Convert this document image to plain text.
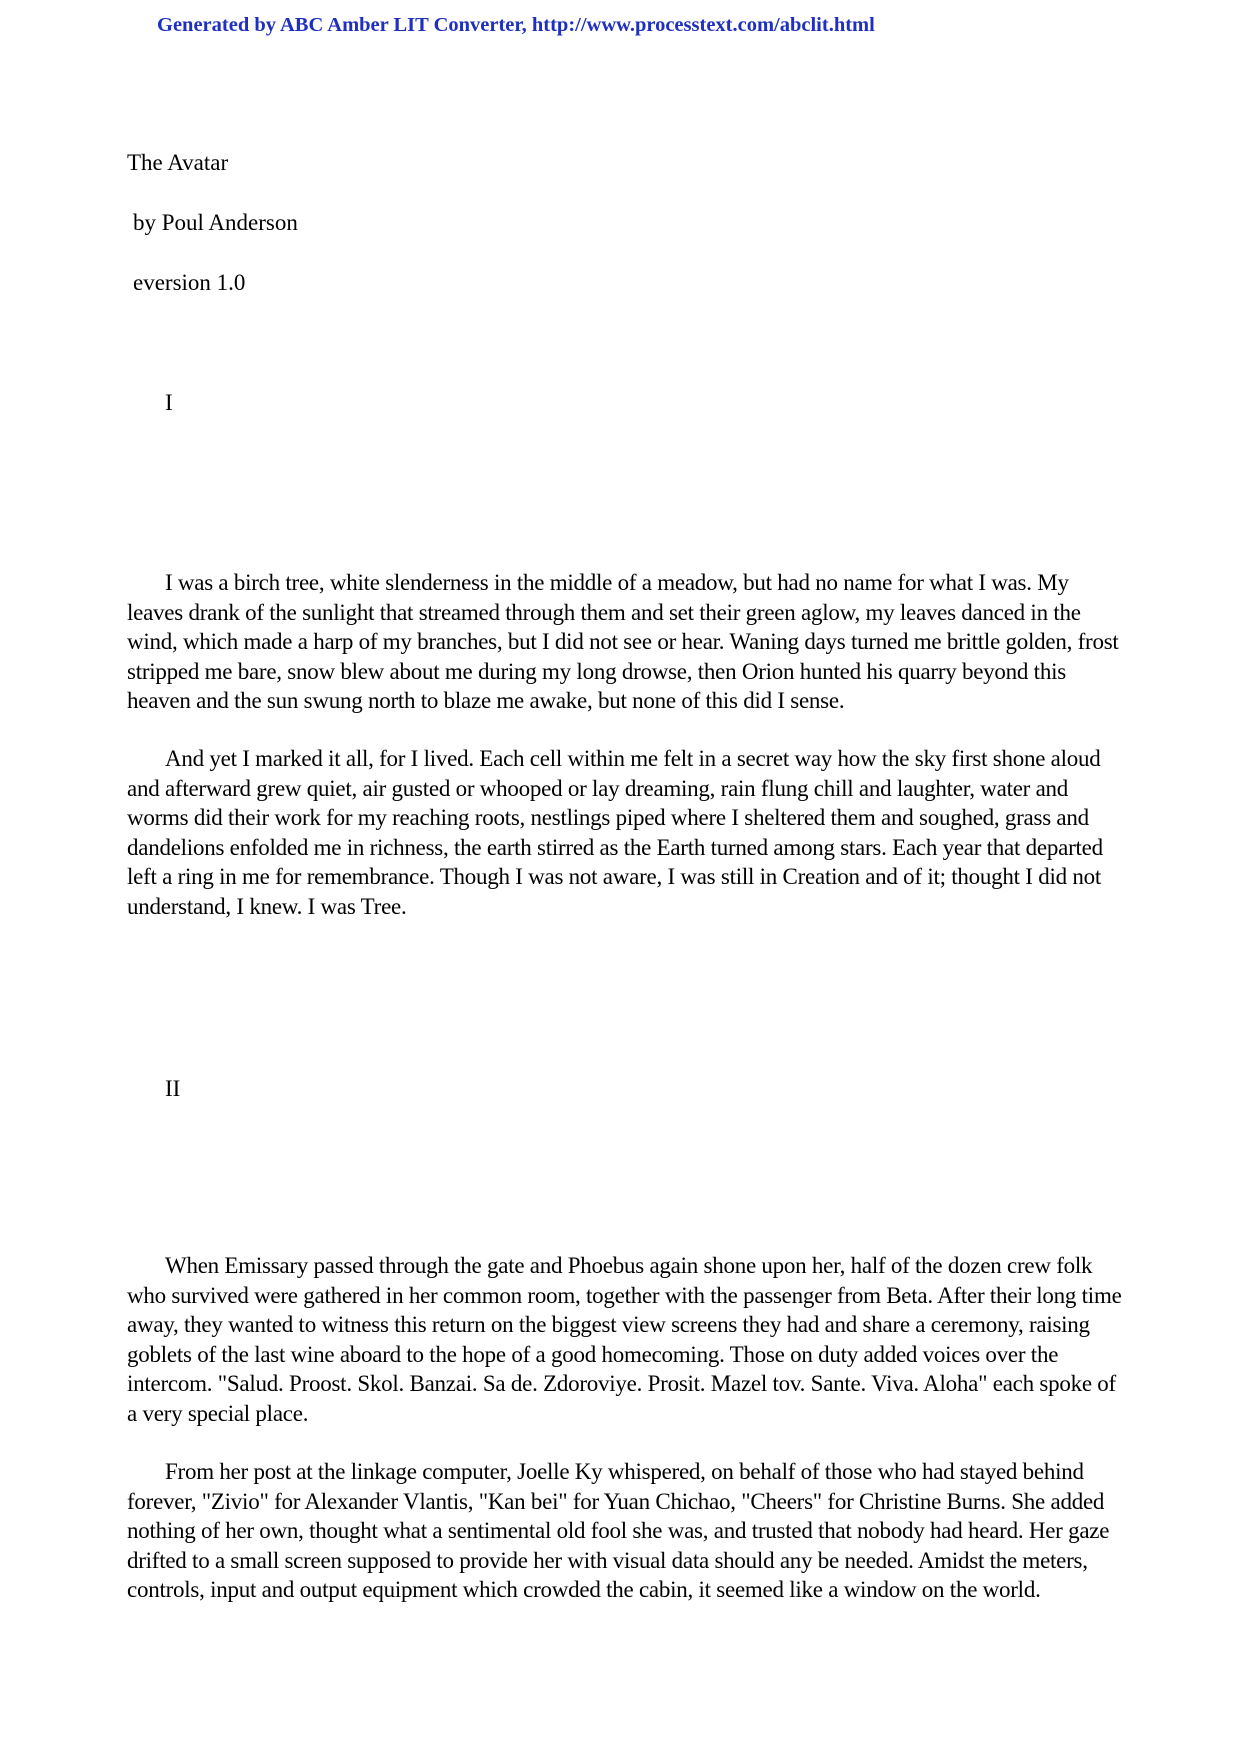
Generated by ABC Amber LIT Converter, http://www.processtext.com/abclit.html
The Avatar
by Poul Anderson
eversion 1.0
I

I was a birch tree, white slenderness in the middle of a meadow, but had no name for what I was. My leaves drank of the sunlight that streamed through them and set their green aglow, my leaves danced in the wind, which made a harp of my branches, but I did not see or hear. Waning days turned me brittle golden, frost stripped me bare, snow blew about me during my long drowse, then Orion hunted his quarry beyond this heaven and the sun swung north to blaze me awake, but none of this did I sense.

And yet I marked it all, for I lived. Each cell within me felt in a secret way how the sky first shone aloud and afterward grew quiet, air gusted or whooped or lay dreaming, rain flung chill and laughter, water and worms did their work for my reaching roots, nestlings piped where I sheltered them and soughed, grass and dandelions enfolded me in richness, the earth stirred as the Earth turned among stars. Each year that departed left a ring in me for remembrance. Though I was not aware, I was still in Creation and of it; thought I did not understand, I knew. I was Tree.

II

When Emissary passed through the gate and Phoebus again shone upon her, half of the dozen crew folk who survived were gathered in her common room, together with the passenger from Beta. After their long time away, they wanted to witness this return on the biggest view screens they had and share a ceremony, raising goblets of the last wine aboard to the hope of a good homecoming. Those on duty added voices over the intercom. "Salud. Proost. Skol. Banzai. Sa de. Zdoroviye. Prosit. Mazel tov. Sante. Viva. Aloha" each spoke of a very special place.

From her post at the linkage computer, Joelle Ky whispered, on behalf of those who had stayed behind forever, "Zivio" for Alexander Vlantis, "Kan bei" for Yuan Chichao, "Cheers" for Christine Burns. She added nothing of her own, thought what a sentimental old fool she was, and trusted that nobody had heard. Her gaze drifted to a small screen supposed to provide her with visual data should any be needed. Amidst the meters, controls, input and output equipment which crowded the cabin, it seemed like a window on the world.
